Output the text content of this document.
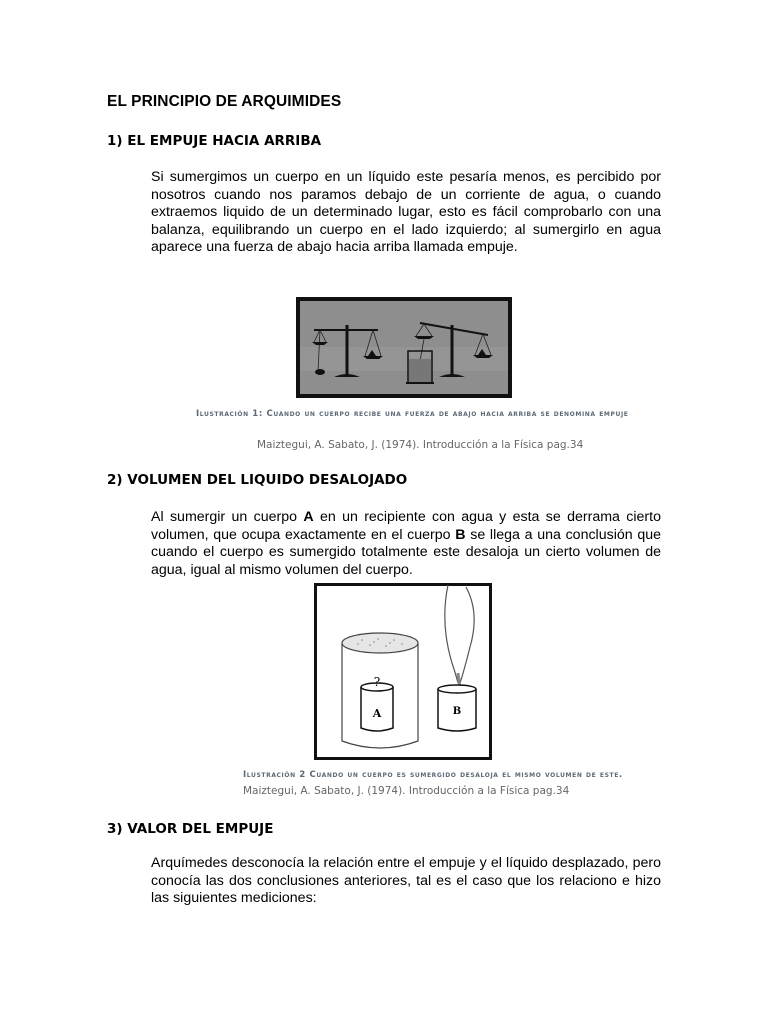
EL PRINCIPIO DE ARQUIMIDES
1) EL EMPUJE HACIA ARRIBA
Si sumergimos un cuerpo en un líquido este pesaría menos, es percibido por nosotros cuando nos paramos debajo de un corriente de agua, o cuando extraemos liquido de un determinado lugar, esto es fácil comprobarlo con una balanza, equilibrando un cuerpo en el lado izquierdo; al sumergirlo en agua aparece una fuerza de abajo hacia arriba llamada empuje.
Ilustración 1: Cuando un cuerpo recibe una fuerza de abajo hacia arriba se denomina empuje
Maiztegui, A. Sabato, J. (1974). Introducción a la Física pag.34
2) VOLUMEN DEL LIQUIDO DESALOJADO
Al sumergir un cuerpo A en un recipiente con agua y esta se derrama cierto volumen, que ocupa exactamente en el cuerpo B se llega a una conclusión que cuando el cuerpo es sumergido totalmente este desaloja un cierto volumen de agua, igual al mismo volumen del cuerpo.
A
?
B
Ilustración 2 Cuando un cuerpo es sumergido desaloja el mismo volumen de este.
Maiztegui, A. Sabato, J. (1974). Introducción a la Física pag.34
3) VALOR DEL EMPUJE
Arquímedes desconocía la relación entre el empuje y el líquido desplazado, pero conocía las dos conclusiones anteriores, tal es el caso que los relaciono e hizo las siguientes mediciones:
